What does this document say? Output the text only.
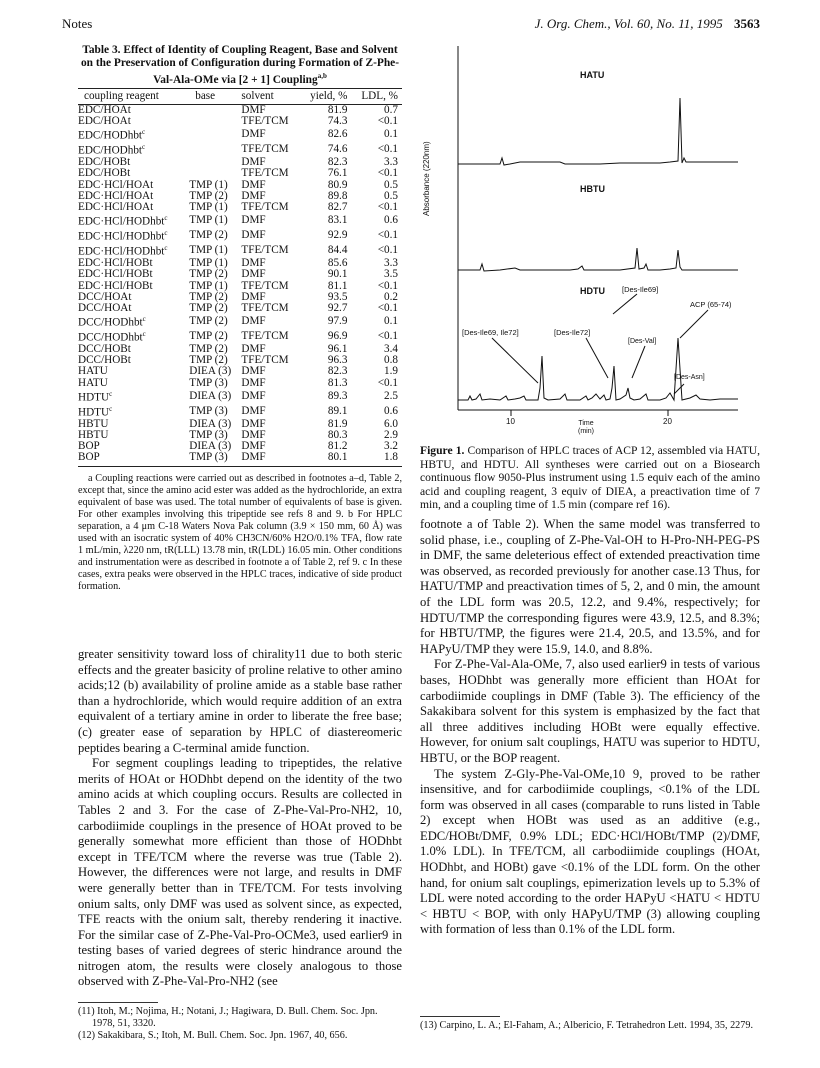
Notes	J. Org. Chem., Vol. 60, No. 11, 1995 3563
Table 3. Effect of Identity of Coupling Reagent, Base and Solvent on the Preservation of Configuration during Formation of Z-Phe-Val-Ala-OMe via [2 + 1] Coupling$^{a,b}$
coupling reagent	base	solvent	yield, %	LDL, %
EDC/HOAt		DMF	81.9	0.7
EDC/HOAt		TFE/TCM	74.3	<0.1
EDC/HODhbt$^c$		DMF	82.6	0.1
EDC/HODhbt$^c$		TFE/TCM	74.6	<0.1
EDC/HOBt		DMF	82.3	3.3
EDC/HOBt		TFE/TCM	76.1	<0.1
EDC·HCl/HOAt	TMP (1)	DMF	80.9	0.5
EDC·HCl/HOAt	TMP (2)	DMF	89.8	0.5
EDC·HCl/HOAt	TMP (1)	TFE/TCM	82.7	<0.1
EDC·HCl/HODhbt$^c$	TMP (1)	DMF	83.1	0.6
EDC·HCl/HODhbt$^c$	TMP (2)	DMF	92.9	<0.1
EDC·HCl/HODhbt$^c$	TMP (1)	TFE/TCM	84.4	<0.1
EDC·HCl/HOBt	TMP (1)	DMF	85.6	3.3
EDC·HCl/HOBt	TMP (2)	DMF	90.1	3.5
EDC·HCl/HOBt	TMP (1)	TFE/TCM	81.1	<0.1
DCC/HOAt	TMP (2)	DMF	93.5	0.2
DCC/HOAt	TMP (2)	TFE/TCM	92.7	<0.1
DCC/HODhbt$^c$	TMP (2)	DMF	97.9	0.1
DCC/HODhbt$^c$	TMP (2)	TFE/TCM	96.9	<0.1
DCC/HOBt	TMP (2)	DMF	96.1	3.4
DCC/HOBt	TMP (2)	TFE/TCM	96.3	0.8
HATU	DIEA (3)	DMF	82.3	1.9
HATU	TMP (3)	DMF	81.3	<0.1
HDTU$^c$	DIEA (3)	DMF	89.3	2.5
HDTU$^c$	TMP (3)	DMF	89.1	0.6
HBTU	DIEA (3)	DMF	81.9	6.0
HBTU	TMP (3)	DMF	80.3	2.9
BOP	DIEA (3)	DMF	81.2	3.2
BOP	TMP (3)	DMF	80.1	1.8

a Coupling reactions were carried out as described in footnotes a–d, Table 2, except that, since the amino acid ester was added as the hydrochloride, an extra equivalent of base was used. The total number of equivalents of base is given. For other examples involving this tripeptide see refs 8 and 9. b For HPLC separation, a 4 μm C-18 Waters Nova Pak column (3.9 × 150 mm, 60 Å) was used with an isocratic system of 40% CH3CN/60% H2O/0.1% TFA, flow rate 1 mL/min, λ220 nm, tR(LLL) 13.78 min, tR(LDL) 16.05 min. Other conditions and instrumentation were as described in footnote a of Table 2, ref 9. c In these cases, extra peaks were observed in the HPLC traces, indicative of side product formation.

greater sensitivity toward loss of chirality11 due to both steric effects and the greater basicity of proline relative to other amino acids;12 (b) availability of proline amide as a stable base rather than a hydrochloride, which would require addition of an extra equivalent of a tertiary amine in order to liberate the free base; (c) greater ease of separation by HPLC of diastereomeric peptides bearing a C-terminal amide function.

For segment couplings leading to tripeptides, the relative merits of HOAt or HODhbt depend on the identity of the two amino acids at which coupling occurs. Results are collected in Tables 2 and 3. For the case of Z-Phe-Val-Pro-NH2, 10, carbodiimide couplings in the presence of HOAt proved to be generally somewhat more efficient than those of HODhbt except in TFE/TCM where the reverse was true (Table 2). However, the differences were not large, and results in DMF were generally better than in TFE/TCM. For tests involving onium salts, only DMF was used as solvent since, as expected, TFE reacts with the onium salt, thereby rendering it inactive. For the similar case of Z-Phe-Val-Pro-OCMe3, used earlier9 in testing bases of varied degrees of steric hindrance around the nitrogen atom, the results were closely analogous to those observed with Z-Phe-Val-Pro-NH2 (see

(11) Itoh, M.; Nojima, H.; Notani, J.; Hagiwara, D. Bull. Chem. Soc. Jpn. 1978, 51, 3320.

(12) Sakakibara, S.; Itoh, M. Bull. Chem. Soc. Jpn. 1967, 40, 656.

HATU
HBTU
HDTU
Absorbance (220nm)
10	20
Time
(min)
[Des-Ile69, Ile72]	[Des-Ile72]
[Des-Ile69]
ACP (65-74)
[Des-Val]
[Des-Asn]
Figure 1. Comparison of HPLC traces of ACP 12, assembled via HATU, HBTU, and HDTU. All syntheses were carried out on a Biosearch continuous flow 9050-Plus instrument using 1.5 equiv each of the amino acid and coupling reagent, 3 equiv of DIEA, a preactivation time of 7 min, and a coupling time of 1.5 min (compare ref 16).

footnote a of Table 2). When the same model was transferred to solid phase, i.e., coupling of Z-Phe-Val-OH to H-Pro-NH-PEG-PS in DMF, the same deleterious effect of extended preactivation time was observed, as recorded previously for another case.13 Thus, for HATU/TMP and preactivation times of 5, 2, and 0 min, the amount of the LDL form was 20.5, 12.2, and 9.4%, respectively; for HDTU/TMP the corresponding figures were 43.9, 12.5, and 8.3%; for HBTU/TMP, the figures were 21.4, 20.5, and 13.5%, and for HAPyU/TMP they were 15.9, 14.0, and 8.8%.

For Z-Phe-Val-Ala-OMe, 7, also used earlier9 in tests of various bases, HODhbt was generally more efficient than HOAt for carbodiimide couplings in DMF (Table 3). The efficiency of the Sakakibara solvent for this system is emphasized by the fact that all three additives including HOBt were equally effective. However, for onium salt couplings, HATU was superior to HDTU, HBTU, or the BOP reagent.

The system Z-Gly-Phe-Val-OMe,10 9, proved to be rather insensitive, and for carbodiimide couplings, <0.1% of the LDL form was observed in all cases (comparable to runs listed in Table 2) except when HOBt was used as an additive (e.g., EDC/HOBt/DMF, 0.9% LDL; EDC·HCl/HOBt/TMP (2)/DMF, 1.0% LDL). In TFE/TCM, all carbodiimide couplings (HOAt, HODhbt, and HOBt) gave <0.1% of the LDL form. On the other hand, for onium salt couplings, epimerization levels up to 5.3% of LDL were noted according to the order HAPyU <HATU < HDTU < HBTU < BOP, with only HAPyU/TMP (3) allowing coupling with formation of less than 0.1% of the LDL form.

(13) Carpino, L. A.; El-Faham, A.; Albericio, F. Tetrahedron Lett. 1994, 35, 2279.
